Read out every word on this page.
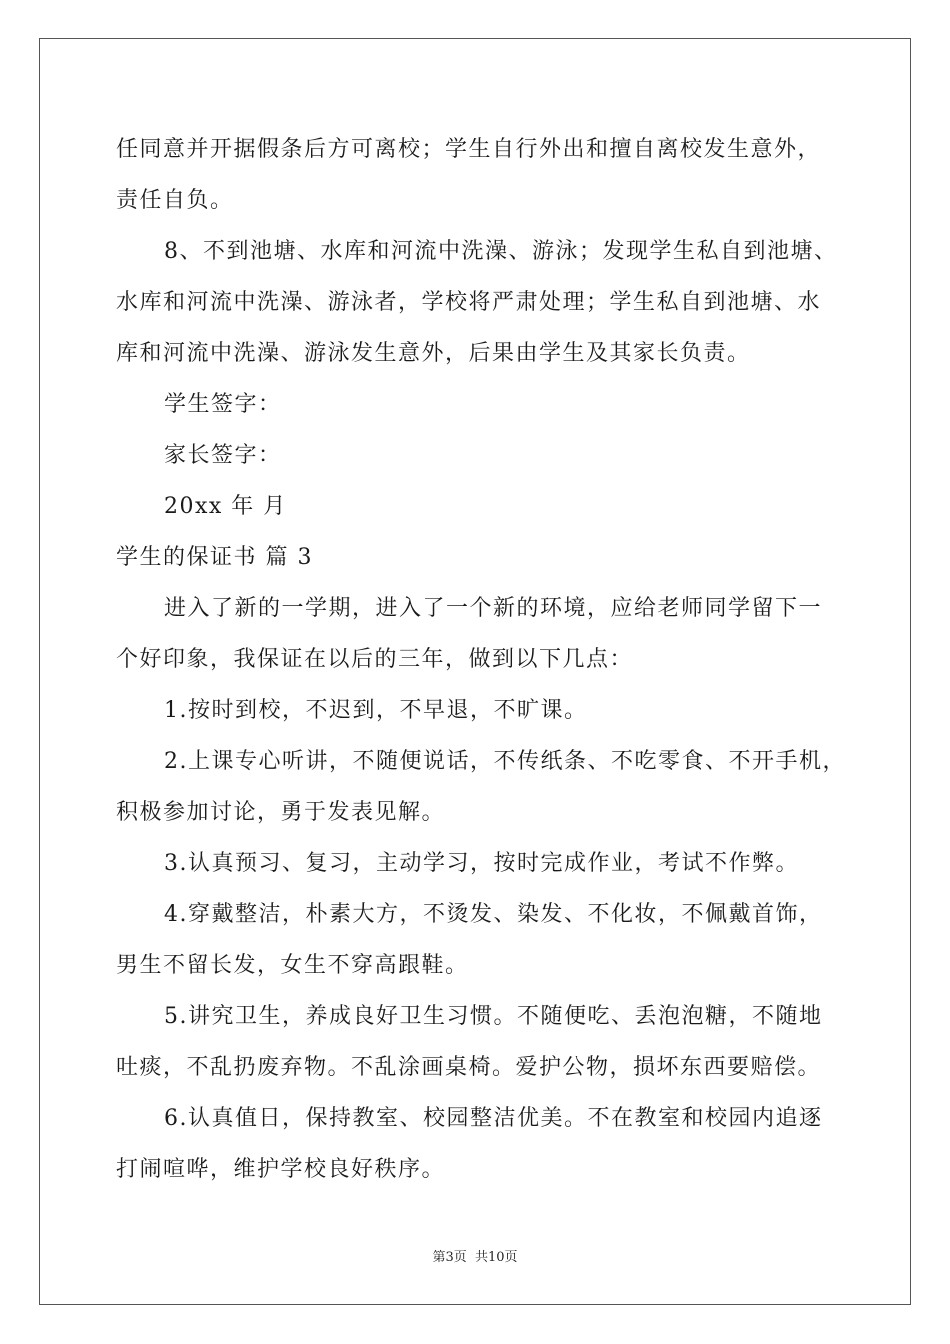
任同意并开据假条后方可离校；学生自行外出和擅自离校发生意外，
责任自负。
8、不到池塘、水库和河流中洗澡、游泳；发现学生私自到池塘、
水库和河流中洗澡、游泳者，学校将严肃处理；学生私自到池塘、水
库和河流中洗澡、游泳发生意外，后果由学生及其家长负责。
学生签字：
家长签字：
20xx 年 月
学生的保证书 篇 3
进入了新的一学期，进入了一个新的环境，应给老师同学留下一
个好印象，我保证在以后的三年，做到以下几点：
1.按时到校，不迟到，不早退，不旷课。
2.上课专心听讲，不随便说话，不传纸条、不吃零食、不开手机，
积极参加讨论，勇于发表见解。
3.认真预习、复习，主动学习，按时完成作业，考试不作弊。
4.穿戴整洁，朴素大方，不烫发、染发、不化妆，不佩戴首饰，
男生不留长发，女生不穿高跟鞋。
5.讲究卫生，养成良好卫生习惯。不随便吃、丢泡泡糖，不随地
吐痰，不乱扔废弃物。不乱涂画桌椅。爱护公物，损坏东西要赔偿。
6.认真值日，保持教室、校园整洁优美。不在教室和校园内追逐
打闹喧哗，维护学校良好秩序。
第3页 共10页
